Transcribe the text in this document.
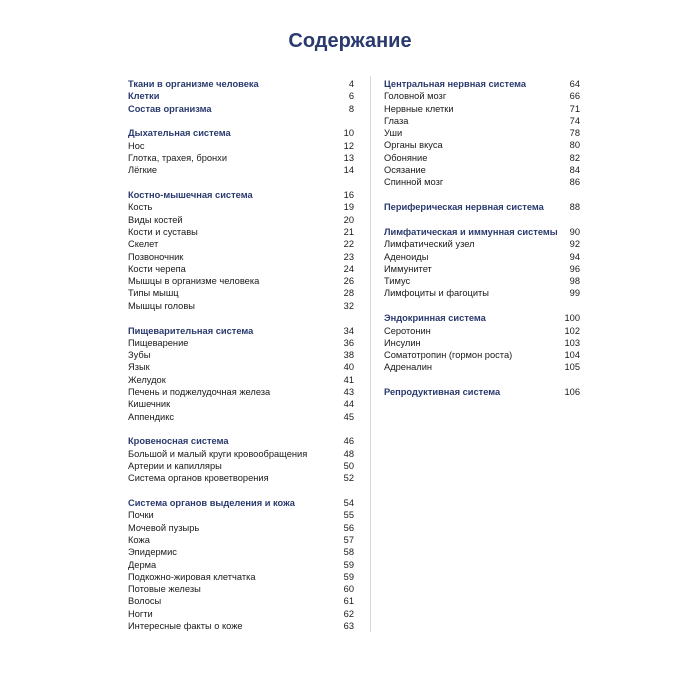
Содержание
Ткани в организме человека	4
Клетки	6
Состав организма	8
Дыхательная система	10
Нос	12
Глотка, трахея, бронхи	13
Лёгкие	14
Костно-мышечная система	16
Кость	19
Виды костей	20
Кости и суставы	21
Скелет	22
Позвоночник	23
Кости черепа	24
Мышцы в организме человека	26
Типы мышц	28
Мышцы головы	32
Пищеварительная система	34
Пищеварение	36
Зубы	38
Язык	40
Желудок	41
Печень и поджелудочная железа	43
Кишечник	44
Аппендикс	45
Кровеносная система	46
Большой и малый круги кровообращения	48
Артерии и капилляры	50
Система органов кроветворения	52
Система органов выделения и кожа	54
Почки	55
Мочевой пузырь	56
Кожа	57
Эпидермис	58
Дерма	59
Подкожно-жировая клетчатка	59
Потовые железы	60
Волосы	61
Ногти	62
Интересные факты о коже	63
Центральная нервная система	64
Головной мозг	66
Нервные клетки	71
Глаза	74
Уши	78
Органы вкуса	80
Обоняние	82
Осязание	84
Спинной мозг	86
Периферическая нервная система	88
Лимфатическая и иммунная системы	90
Лимфатический узел	92
Аденоиды	94
Иммунитет	96
Тимус	98
Лимфоциты и фагоциты	99
Эндокринная система	100
Серотонин	102
Инсулин	103
Соматотропин (гормон роста)	104
Адреналин	105
Репродуктивная система	106
